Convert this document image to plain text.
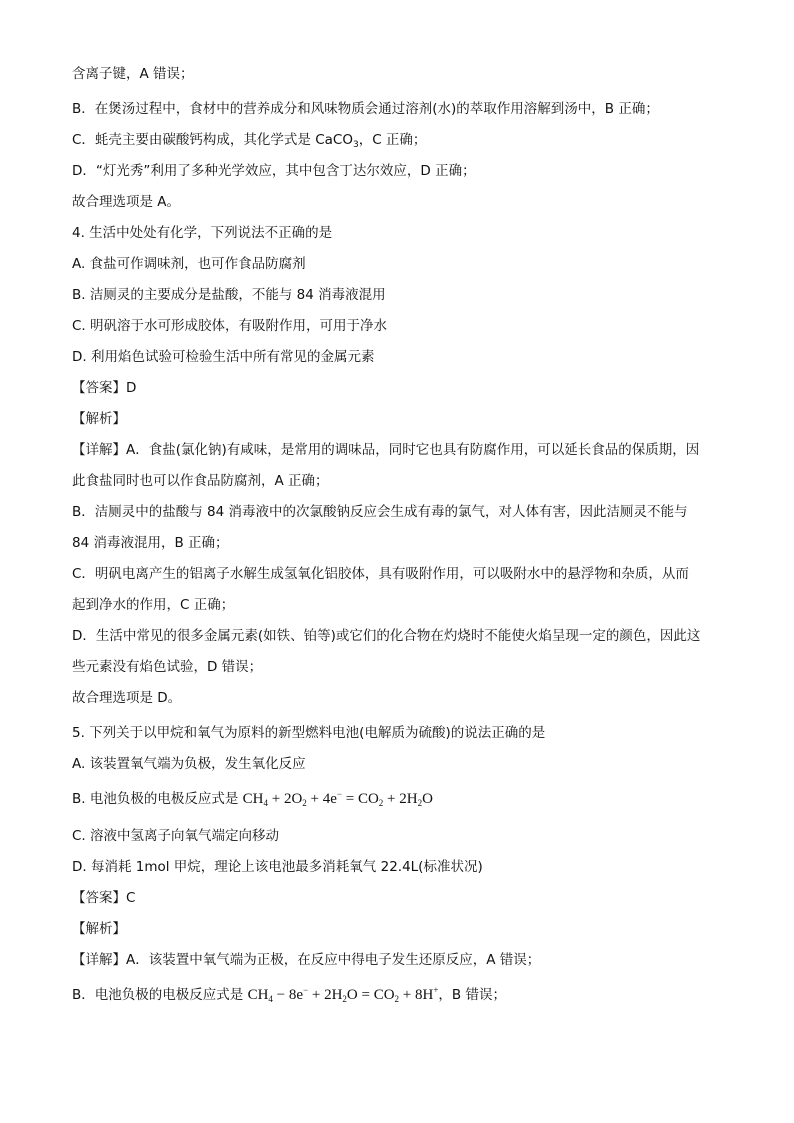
含离子键，A 错误；
B．在煲汤过程中，食材中的营养成分和风味物质会通过溶剂(水)的萃取作用溶解到汤中，B 正确；
C．蚝壳主要由碳酸钙构成，其化学式是 CaCO$_3$，C 正确；
D．“灯光秀”利用了多种光学效应，其中包含丁达尔效应，D 正确；
故合理选项是 A。
4. 生活中处处有化学，下列说法不正确的是
A. 食盐可作调味剂，也可作食品防腐剂
B. 洁厕灵的主要成分是盐酸，不能与 84 消毒液混用
C. 明矾溶于水可形成胶体，有吸附作用，可用于净水
D. 利用焰色试验可检验生活中所有常见的金属元素
【答案】D
【解析】
【详解】A．食盐(氯化钠)有咸味，是常用的调味品，同时它也具有防腐作用，可以延长食品的保质期，因
此食盐同时也可以作食品防腐剂，A 正确；
B．洁厕灵中的盐酸与 84 消毒液中的次氯酸钠反应会生成有毒的氯气，对人体有害，因此洁厕灵不能与
84 消毒液混用，B 正确；
C．明矾电离产生的铝离子水解生成氢氧化铝胶体，具有吸附作用，可以吸附水中的悬浮物和杂质，从而
起到净水的作用，C 正确；
D．生活中常见的很多金属元素(如铁、铂等)或它们的化合物在灼烧时不能使火焰呈现一定的颜色，因此这
些元素没有焰色试验，D 错误；
故合理选项是 D。
5. 下列关于以甲烷和氧气为原料的新型燃料电池(电解质为硫酸)的说法正确的是
A. 该装置氧气端为负极，发生氧化反应
B. 电池负极的电极反应式是 $CH_4 + 2O_2 + 4e^- = CO_2 + 2H_2O$
C. 溶液中氢离子向氧气端定向移动
D. 每消耗 1mol 甲烷，理论上该电池最多消耗氧气 22.4L(标准状况)
【答案】C
【解析】
【详解】A．该装置中氧气端为正极，在反应中得电子发生还原反应，A 错误；
B．电池负极的电极反应式是 $CH_4 - 8e^- + 2H_2O = CO_2 + 8H^+$，B 错误；
